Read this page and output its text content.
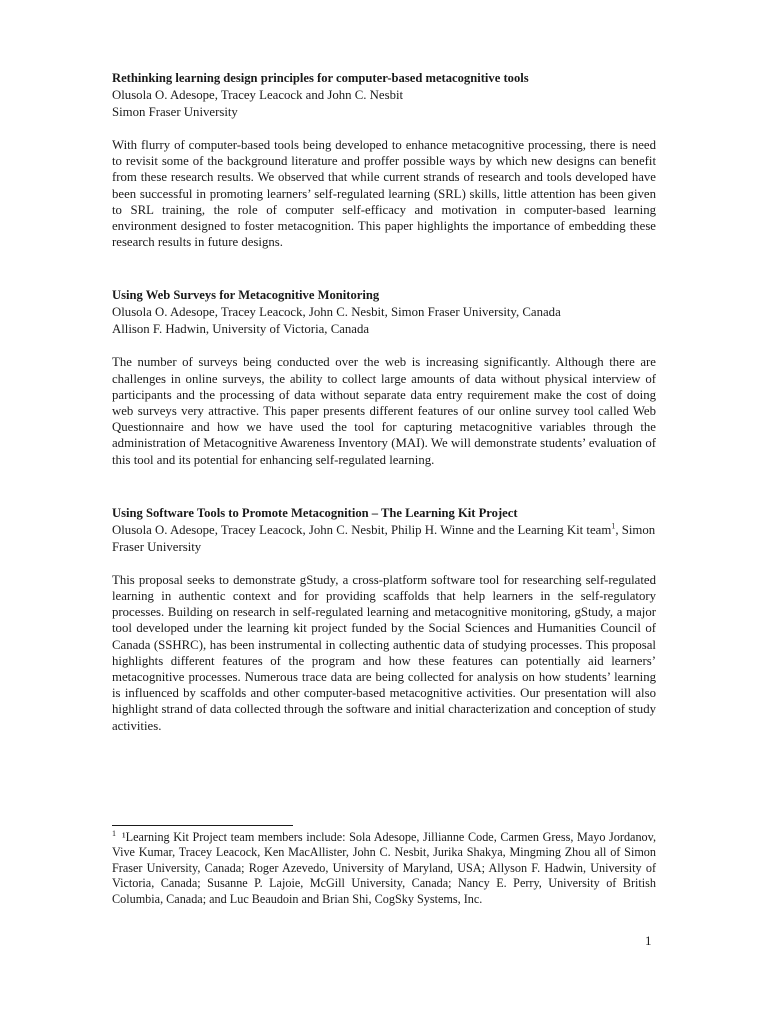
Rethinking learning design principles for computer-based metacognitive tools

Olusola O. Adesope, Tracey Leacock and John C. Nesbit

Simon Fraser University

With flurry of computer-based tools being developed to enhance metacognitive processing, there is need to revisit some of the background literature and proffer possible ways by which new designs can benefit from these research results. We observed that while current strands of research and tools developed have been successful in promoting learners’ self-regulated learning (SRL) skills, little attention has been given to SRL training, the role of computer self-efficacy and motivation in computer-based learning environment designed to foster metacognition. This paper highlights the importance of embedding these research results in future designs.

Using Web Surveys for Metacognitive Monitoring

Olusola O. Adesope, Tracey Leacock, John C. Nesbit, Simon Fraser University, Canada

Allison F. Hadwin, University of Victoria, Canada

The number of surveys being conducted over the web is increasing significantly. Although there are challenges in online surveys, the ability to collect large amounts of data without physical interview of participants and the processing of data without separate data entry requirement make the cost of doing web surveys very attractive. This paper presents different features of our online survey tool called Web Questionnaire and how we have used the tool for capturing metacognitive variables through the administration of Metacognitive Awareness Inventory (MAI). We will demonstrate students’ evaluation of this tool and its potential for enhancing self-regulated learning.

Using Software Tools to Promote Metacognition – The Learning Kit Project

Olusola O. Adesope, Tracey Leacock, John C. Nesbit, Philip H. Winne and the Learning Kit team$^1$, Simon Fraser University

This proposal seeks to demonstrate gStudy, a cross-platform software tool for researching self-regulated learning in authentic context and for providing scaffolds that help learners in the self-regulatory processes. Building on research in self-regulated learning and metacognitive monitoring, gStudy, a major tool developed under the learning kit project funded by the Social Sciences and Humanities Council of Canada (SSHRC), has been instrumental in collecting authentic data of studying processes. This proposal highlights different features of the program and how these features can potentially aid learners’ metacognitive processes. Numerous trace data are being collected for analysis on how students’ learning is influenced by scaffolds and other computer-based metacognitive activities. Our presentation will also highlight strand of data collected through the software and initial characterization and conception of study activities.

$^1$ ¹Learning Kit Project team members include: Sola Adesope, Jillianne Code, Carmen Gress, Mayo Jordanov, Vive Kumar, Tracey Leacock, Ken MacAllister, John C. Nesbit, Jurika Shakya, Mingming Zhou all of Simon Fraser University, Canada; Roger Azevedo, University of Maryland, USA; Allyson F. Hadwin, University of Victoria, Canada; Susanne P. Lajoie, McGill University, Canada; Nancy E. Perry, University of British Columbia, Canada; and Luc Beaudoin and Brian Shi, CogSky Systems, Inc.

1
